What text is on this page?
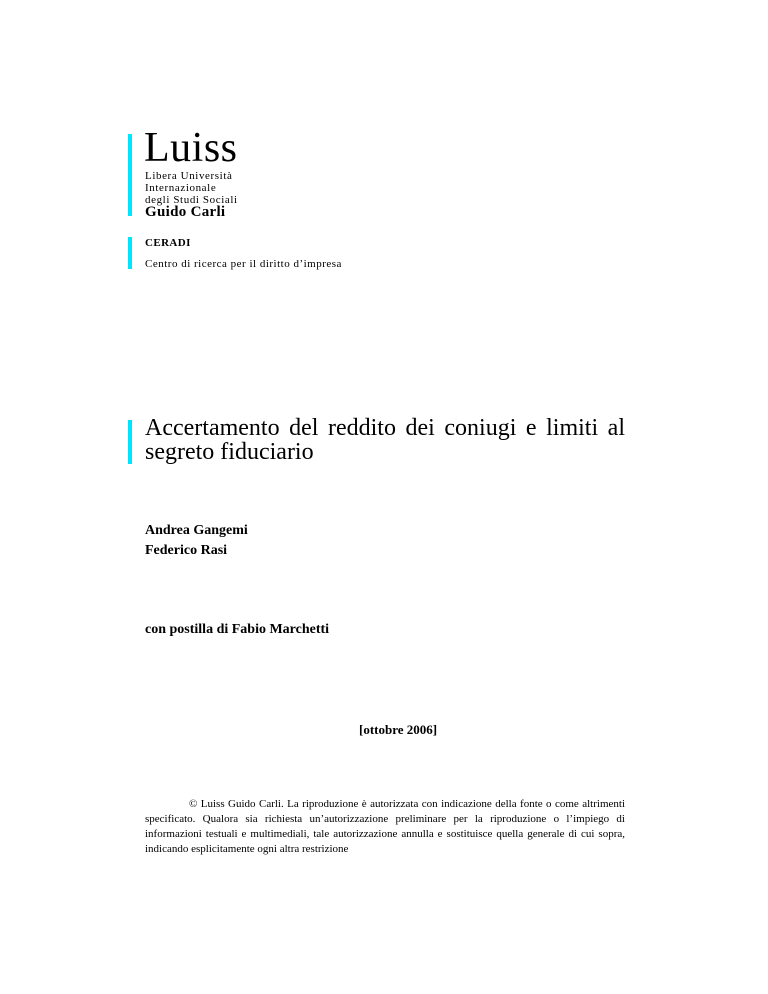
Luiss
Libera Università
Internazionale
degli Studi Sociali
Guido Carli
CERADI
Centro di ricerca per il diritto d’impresa
Accertamento del reddito dei coniugi e limiti al segreto fiduciario
Andrea Gangemi
Federico Rasi
con postilla di Fabio Marchetti
[ottobre 2006]
© Luiss Guido Carli. La riproduzione è autorizzata con indicazione della fonte o come altrimenti specificato. Qualora sia richiesta un’autorizzazione preliminare per la riproduzione o l’impiego di informazioni testuali e multimediali, tale autorizzazione annulla e sostituisce quella generale di cui sopra, indicando esplicitamente ogni altra restrizione
